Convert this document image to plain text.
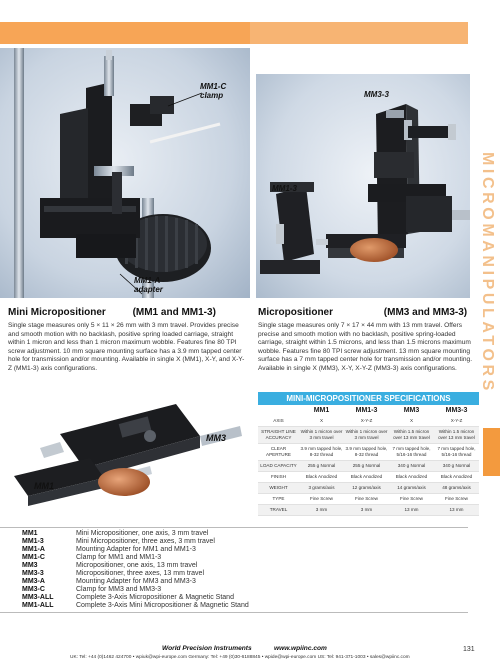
MM1-C
clamp
MM1-A
adapter
MM3-3
MM1-3	MICROMANIPULATORS
Mini Micropositioner	(MM1 and MM1-3)
Single stage measures only 5 × 11 × 26 mm with 3 mm travel. Provides precise and smooth motion with no backlash, positive spring loaded carriage, straight within 1 micron and less than 1 micron maximum wobble. Features fine 80 TPI screw adjustment. 10 mm square mounting surface has a 3.9 mm tapped center hole for transmission and/or mounting. Available in single X (MM1), X-Y, and X-Y-Z (MM1-3) axis configurations.
Micropositioner	(MM3 and MM3-3)
Single stage measures only 7 × 17 × 44 mm with 13 mm travel. Offers precise and smooth motion with no backlash, positive spring-loaded carriage, straight within 1.5 microns, and less than 1.5 microns maximum wobble. Features fine 80 TPI screw adjustment. 13 mm square mounting surface has a 7 mm tapped center hole for transmission and/or mounting. Available in single X (MM3), X-Y, X-Y-Z (MM3-3) axis configurations.
MM3
MM1
MINI-MICROPOSITIONER SPECIFICATIONS
	MM1	MM1-3	MM3	MM3-3
AXIS	X	X-Y-Z	X	X-Y-Z
STRAIGHT LINE ACCURACY	Within 1 micron over 3 mm travel	Within 1 micron over 3 mm travel	Within 1.5 micron over 13 mm travel	Within 1.5 micron over 13 mm travel
CLEAR APERTURE	3.9 mm tapped hole, 8-32 thread	3.9 mm tapped hole, 8-32 thread	7 mm tapped hole, 5/16-16 thread	7 mm tapped hole, 5/16-16 thread
LOAD CAPACITY	255 g Normal	255 g Normal	340 g Normal	340 g Normal
FINISH	Black Anodized	Black Anodized	Black Anodized	Black Anodized
WEIGHT	3 grams/axis	12 grams/axis	14 grams/axis	48 grams/axis
TYPE	Fine Screw	Fine Screw	Fine Screw	Fine Screw
TRAVEL	3 mm	3 mm	13 mm	13 mm
MM1	Mini Micropositioner, one axis, 3 mm travel
MM1-3	Mini Micropositioner, three axes, 3 mm travel
MM1-A	Mounting Adapter for MM1 and MM1-3
MM1-C	Clamp for MM1 and MM1-3
MM3	Micropositioner, one axis, 13 mm travel
MM3-3	Micropositioner, three axes, 13 mm travel
MM3-A	Mounting Adapter for MM3 and MM3-3
MM3-C	Clamp for MM3 and MM3-3
MM3-ALL	Complete 3-Axis Micropositioner & Magnetic Stand
MM1-ALL	Complete 3-Axis Mini Micropositioner & Magnetic Stand
World Precision Instruments	www.wpiinc.com	131
UK: Tel: +44 (0)1462 424700 • wpiuk@wpi-europe.com Germany: Tel: +49 (0)30-6188845 • wpide@wpi-europe.com US: Tel: 941-371-1003 • sales@wpiinc.com
